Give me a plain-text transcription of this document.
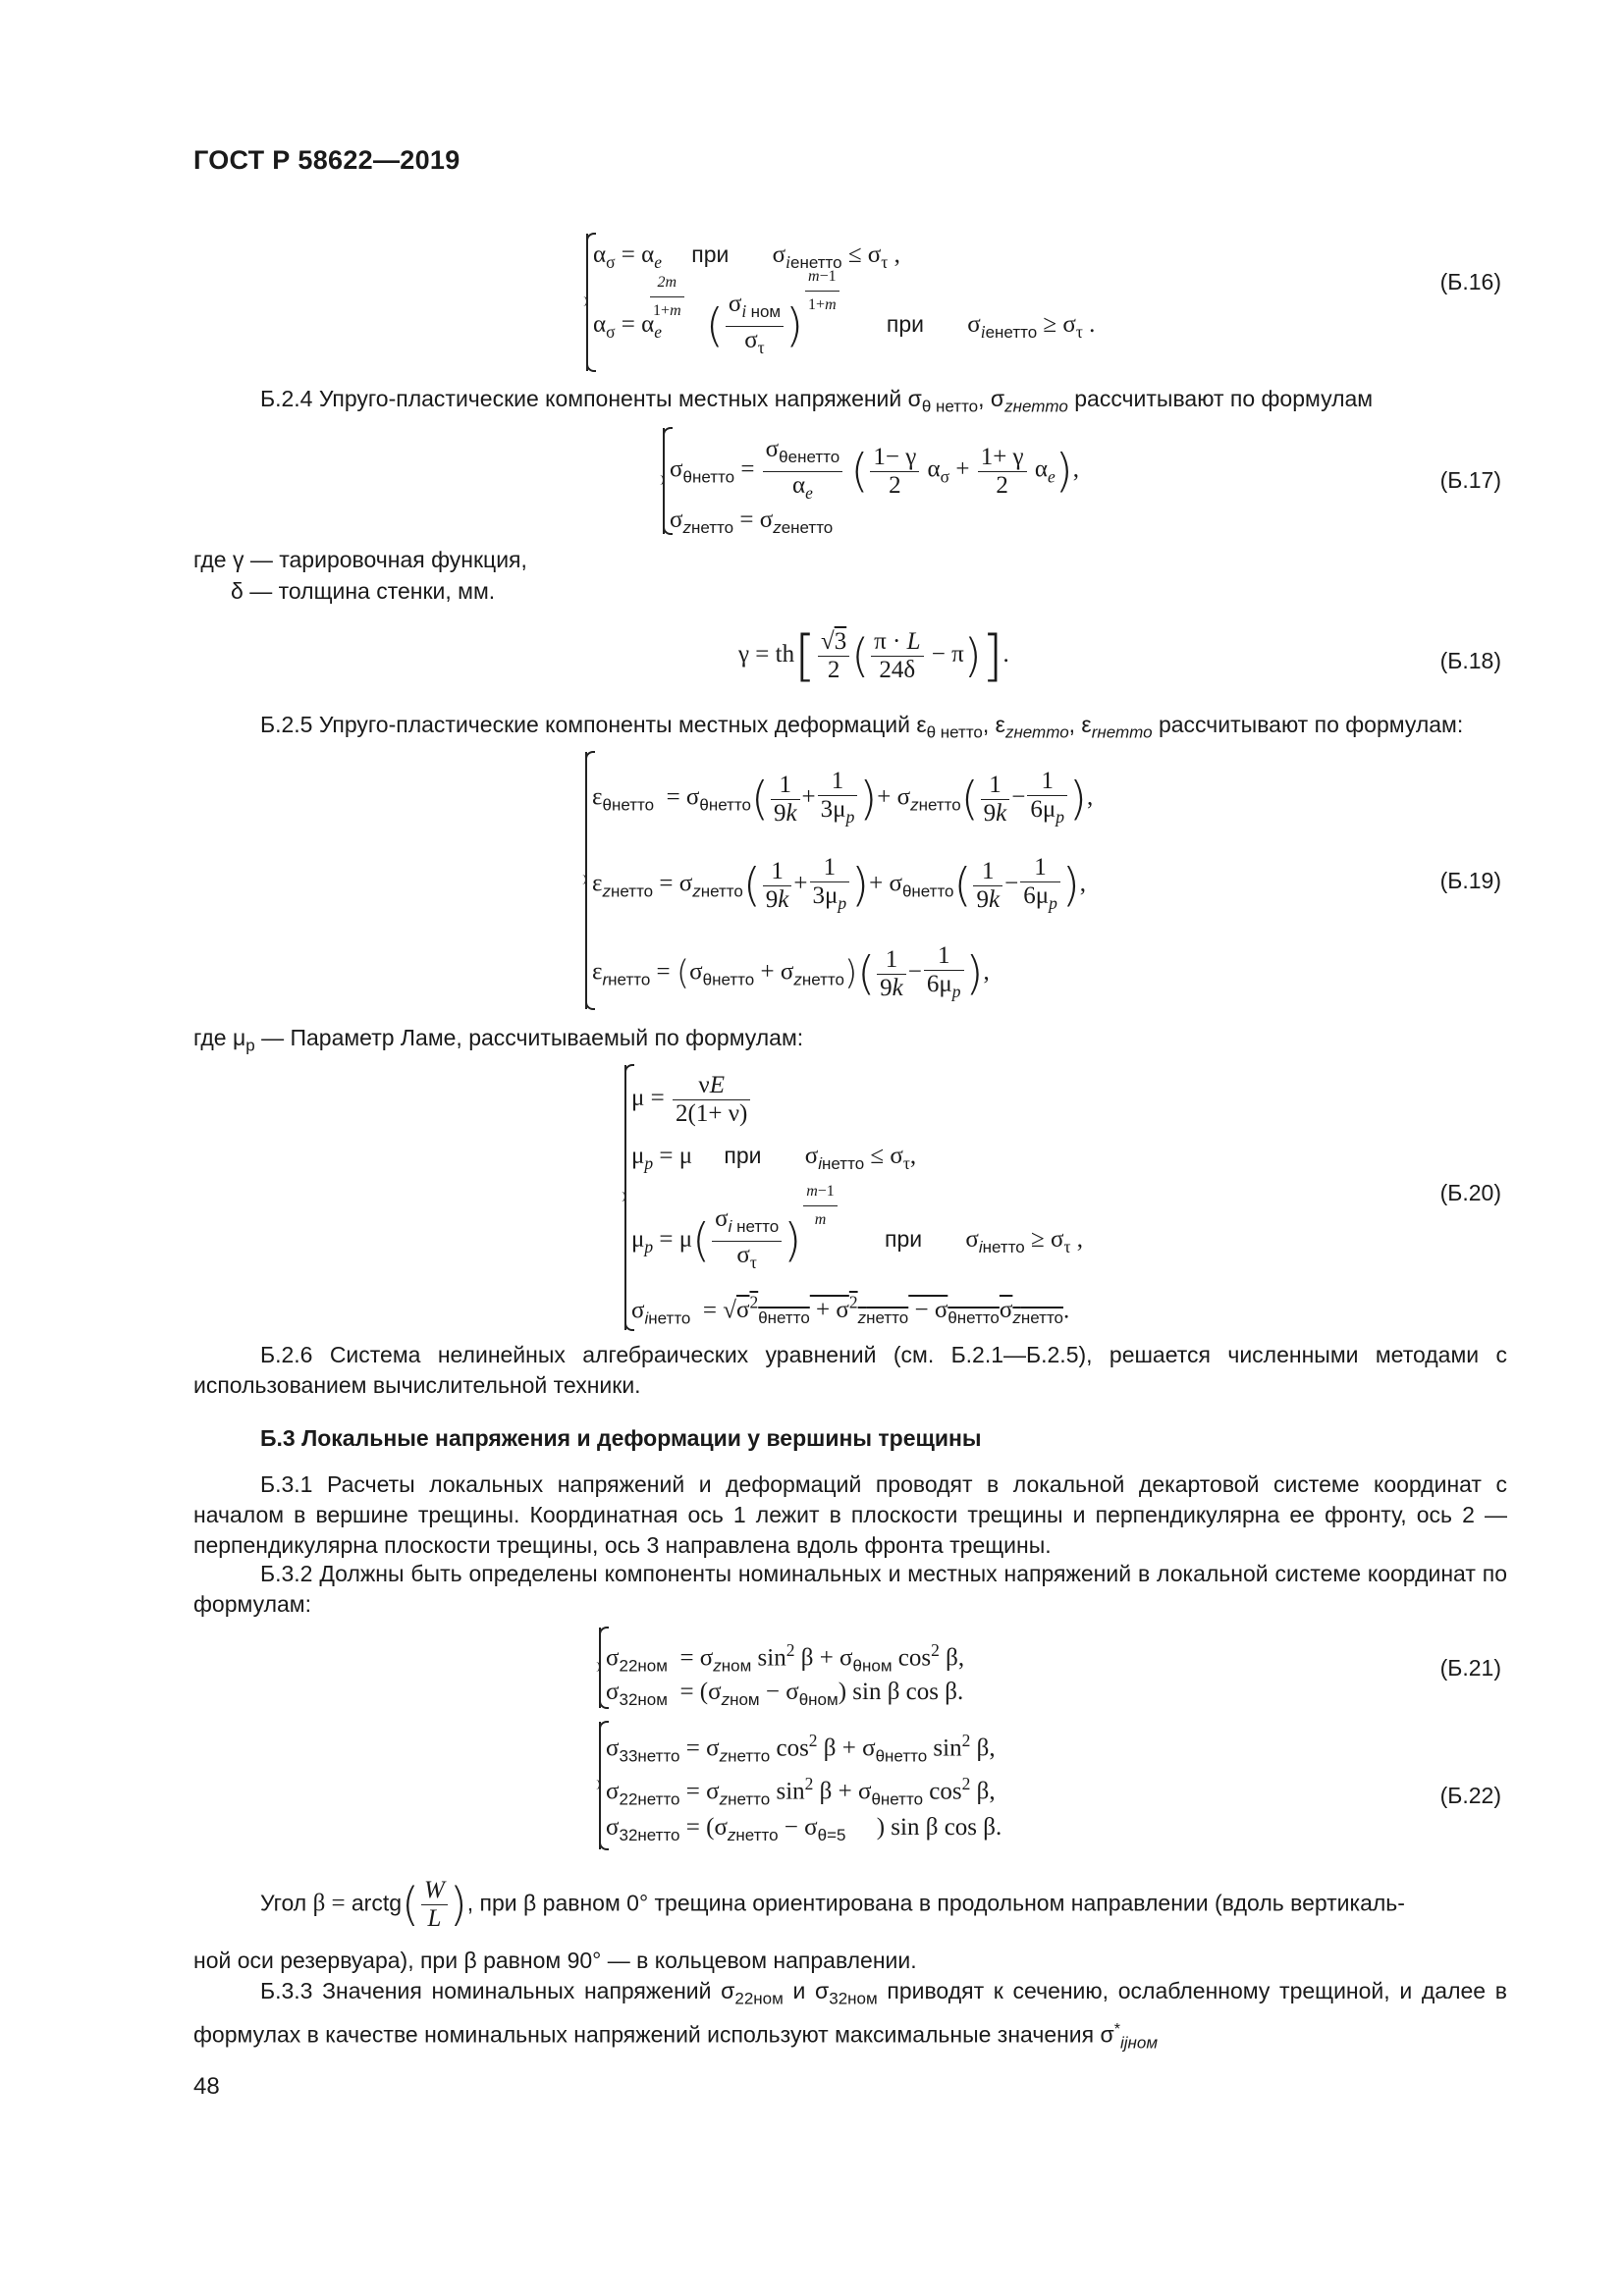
ГОСТ Р 58622—2019
$\alpha_\sigma = \alpha_e$ при $\sigma_{iенетто} \le \sigma_\tau$ ,
$\alpha_\sigma = \alpha_e$
$^{\frac{2m}{1+m}}$
( $\frac{\sigma_{i ном}}{\sigma_\tau}$ )
$^{\frac{m-1}{1+m}}$
при $\sigma_{iенетто} \ge \sigma_\tau$ .
(Б.16)
Б.2.4 Упруго-пластические компоненты местных напряжений $\sigma_{\theta нетто}$, $\sigma_{zнетто}$ рассчитывают по формулам
$\sigma_{\theta нетто} = \frac{\sigma_{\theta енетто}}{\alpha_e}$ ( $\frac{1- \gamma}{2} \alpha_\sigma + \frac{1+ \gamma}{2} \alpha_e$),
$\sigma_{zнетто} = \sigma_{zенетто}$
(Б.17)
где γ — тарировочная функция,
δ — толщина стенки, мм.
$\gamma = th[ \frac{√3}{2}$ ( $\frac{\pi \cdot L}{24\delta} - \pi$)].	(Б.18)
Б.2.5 Упруго-пластические компоненты местных деформаций $\varepsilon_{\theta нетто}$, $\varepsilon_{zнетто}$, $\varepsilon_{rнетто}$ рассчитывают по формулам:
$\varepsilon_{\theta нетто} = \sigma_{\theta нетто}( \frac{1}{9k} + \frac{1}{3\mu_p}$ )+ $\sigma_{zнетто}( \frac{1}{9k} - \frac{1}{6\mu_p}$ ),
$\varepsilon_{zнетто} = \sigma_{zнетто}( \frac{1}{9k} + \frac{1}{3\mu_p}$ )+ $\sigma_{\theta нетто}( \frac{1}{9k} - \frac{1}{6\mu_p}$ ),
$\varepsilon_{rнетто} = (\sigma_{\theta нетто} + \sigma_{zнетто})( \frac{1}{9k} - \frac{1}{6\mu_p}$ ),
(Б.19)
где $\mu_p$ — Параметр Ламе, рассчитываемый по формулам:
$\mu = \frac{\nu E}{2(1+ \nu)}$
$\mu_p = \mu$ при $\sigma_{iнетто} \le \sigma_\tau$,
$\mu_p = \mu( \frac{\sigma_{i нетто}}{\sigma_\tau}$ )
$^{\frac{m-1}{m}}$
при $\sigma_{iнетто} \ge \sigma_\tau$ ,
$\sigma_{iнетто} = √\sigma^2_{\theta нетто} + \sigma^2_{zнетто} - \sigma_{\theta нетто}\sigma_{zнетто}$.
(Б.20)
Б.2.6 Система нелинейных алгебраических уравнений (см. Б.2.1—Б.2.5), решается численными методами с использованием вычислительной техники.
Б.3 Локальные напряжения и деформации у вершины трещины
Б.3.1 Расчеты локальных напряжений и деформаций проводят в локальной декартовой системе координат с началом в вершине трещины. Координатная ось 1 лежит в плоскости трещины и перпендикулярна ее фронту, ось 2 — перпендикулярна плоскости трещины, ось 3 направлена вдоль фронта трещины.
Б.3.2 Должны быть определены компоненты номинальных и местных напряжений в локальной системе координат по формулам:
$\sigma_{22ном} = \sigma_{zном}$ $\sin^2 \beta + \sigma_{\theta ном}$ $\cos^2 \beta$,
$\sigma_{32ном} = (\sigma_{zном} - \sigma_{\theta ном})$ sin β cos β.
(Б.21)
$\sigma_{33нетто} = \sigma_{zнетто}$ $\cos^2 \beta + \sigma_{\theta нетто}$ $\sin^2 \beta$,
$\sigma_{22нетто} = \sigma_{zнетто}$ $\sin^2 \beta + \sigma_{\theta нетто}$ $\cos^2 \beta$,
$\sigma_{32нетто} = (\sigma_{zнетто} - \sigma_{\theta=5}$     ) sin β cos β.
(Б.22)
Угол β = arctg( $\frac{W}{L}$ ), при β равном 0° трещина ориентирована в продольном направлении (вдоль вертикаль-
ной оси резервуара), при β равном 90° — в кольцевом направлении.
Б.3.3 Значения номинальных напряжений $\sigma_{22ном}$ и $\sigma_{32ном}$ приводят к сечению, ослабленному трещиной, и далее в формулах в качестве номинальных напряжений используют максимальные значения $\sigma^*_{ijном}$
48
